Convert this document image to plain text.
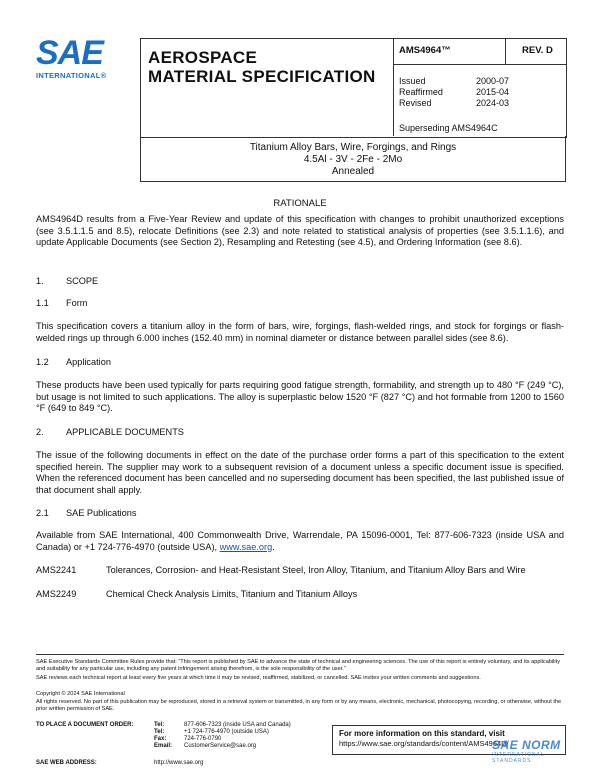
SAE
INTERNATIONAL®
AEROSPACE
MATERIAL SPECIFICATION
AMS4964™	REV. D
Issued	2000-07
Reaffirmed	2015-04
Revised	2024-03
Superseding AMS4964C
Titanium Alloy Bars, Wire, Forgings, and Rings
4.5Al - 3V - 2Fe - 2Mo
Annealed
RATIONALE
AMS4964D results from a Five-Year Review and update of this specification with changes to prohibit unauthorized exceptions (see 3.5.1.1.5 and 8.5), relocate Definitions (see 2.3) and note related to statistical analysis of properties (see 3.5.1.1.6), and update Applicable Documents (see Section 2), Resampling and Retesting (see 4.5), and Ordering Information (see 8.6).
1. SCOPE
1.1 Form
This specification covers a titanium alloy in the form of bars, wire, forgings, flash-welded rings, and stock for forgings or flash-welded rings up through 6.000 inches (152.40 mm) in nominal diameter or distance between parallel sides (see 8.6).
1.2 Application
These products have been used typically for parts requiring good fatigue strength, formability, and strength up to 480 °F (249 °C), but usage is not limited to such applications. The alloy is superplastic below 1520 °F (827 °C) and hot formable from 1200 to 1560 °F (649 to 849 °C).
2. APPLICABLE DOCUMENTS
The issue of the following documents in effect on the date of the purchase order forms a part of this specification to the extent specified herein. The supplier may work to a subsequent revision of a document unless a specific document issue is specified. When the referenced document has been cancelled and no superseding document has been specified, the last published issue of that document shall apply.
2.1 SAE Publications
Available from SAE International, 400 Commonwealth Drive, Warrendale, PA 15096-0001, Tel: 877-606-7323 (inside USA and Canada) or +1 724-776-4970 (outside USA), www.sae.org.
AMS2241	Tolerances, Corrosion- and Heat-Resistant Steel, Iron Alloy, Titanium, and Titanium Alloy Bars and Wire
AMS2249	Chemical Check Analysis Limits, Titanium and Titanium Alloys
SAE Executive Standards Committee Rules provide that: “This report is published by SAE to advance the state of technical and engineering sciences. The use of this report is entirely voluntary, and its applicability and suitability for any particular use, including any patent infringement arising therefrom, is the sole responsibility of the user.”
SAE reviews each technical report at least every five years at which time it may be revised, reaffirmed, stabilized, or cancelled. SAE invites your written comments and suggestions.
Copyright © 2024 SAE International
All rights reserved. No part of this publication may be reproduced, stored in a retrieval system or transmitted, in any form or by any means, electronic, mechanical, photocopying, recording, or otherwise, without the prior written permission of SAE.
TO PLACE A DOCUMENT ORDER:	Tel:	877-606-7323 (inside USA and Canada)
Tel:	+1 724-776-4970 (outside USA)
Fax:	724-776-0790
Email: CustomerService@sae.org
SAE WEB ADDRESS:	http://www.sae.org
For more information on this standard, visit
https://www.sae.org/standards/content/AMS4964D/
SAE NORM
INTERNATIONAL STANDARDS
